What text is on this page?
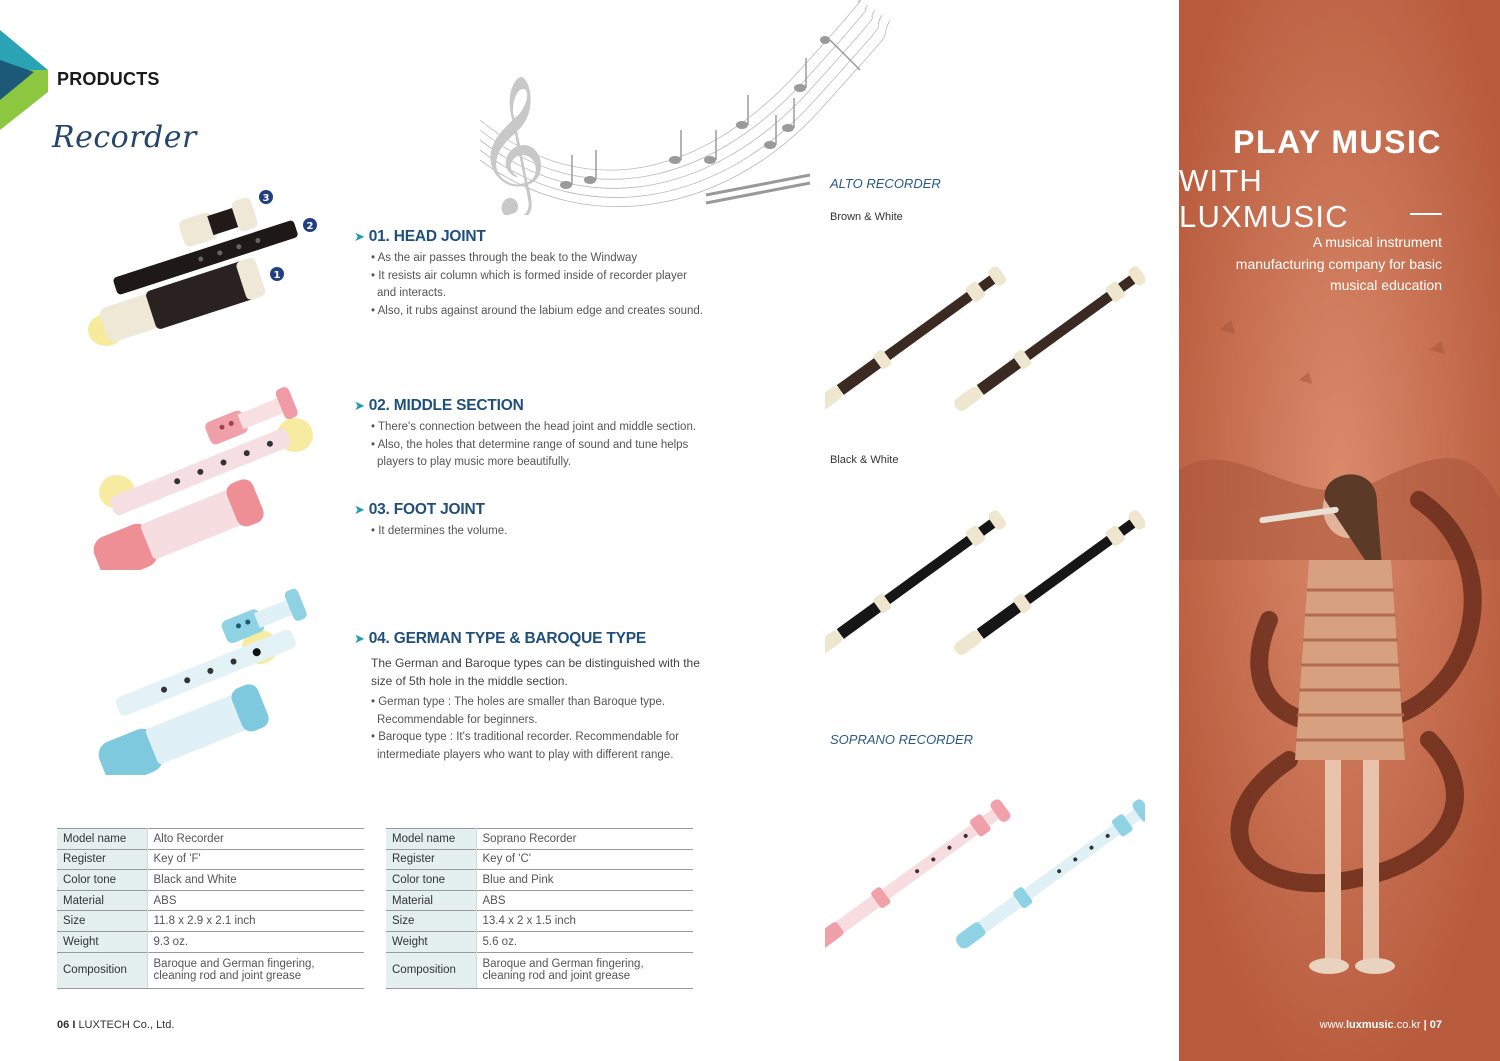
PRODUCTS
Recorder 𝄞
3
2
1
➤ 01. HEAD JOINT
• As the air passes through the beak to the Windway
• It resists air column which is formed inside of recorder player and interacts.
• Also, it rubs against around the labium edge and creates sound.
➤ 02. MIDDLE SECTION
• There's connection between the head joint and middle section.
• Also, the holes that determine range of sound and tune helps players to play music more beautifully.
➤ 03. FOOT JOINT
• It determines the volume.
➤ 04. GERMAN TYPE & BAROQUE TYPE
The German and Baroque types can be distinguished with the size of 5th hole in the middle section.
• German type : The holes are smaller than Baroque type. Recommendable for beginners.
• Baroque type : It's traditional recorder. Recommendable for intermediate players who want to play with different range.
ALTO RECORDER
Brown & White
Black & White
SOPRANO RECORDER
Model name	Alto Recorder
Register	Key of 'F'
Color tone	Black and White
Material	ABS
Size	11.8 x 2.9 x 2.1 inch
Weight	9.3 oz.
Composition	Baroque and German fingering, cleaning rod and joint grease
Model name	Soprano Recorder
Register	Key of 'C'
Color tone	Blue and Pink
Material	ABS
Size	13.4 x 2 x 1.5 inch
Weight	5.6 oz.
Composition	Baroque and German fingering, cleaning rod and joint grease
06 I LUXTECH Co., Ltd.
PLAY MUSIC
WITH LUXMUSIC
A musical instrument manufacturing company for basic musical education
www.luxmusic.co.kr | 07
